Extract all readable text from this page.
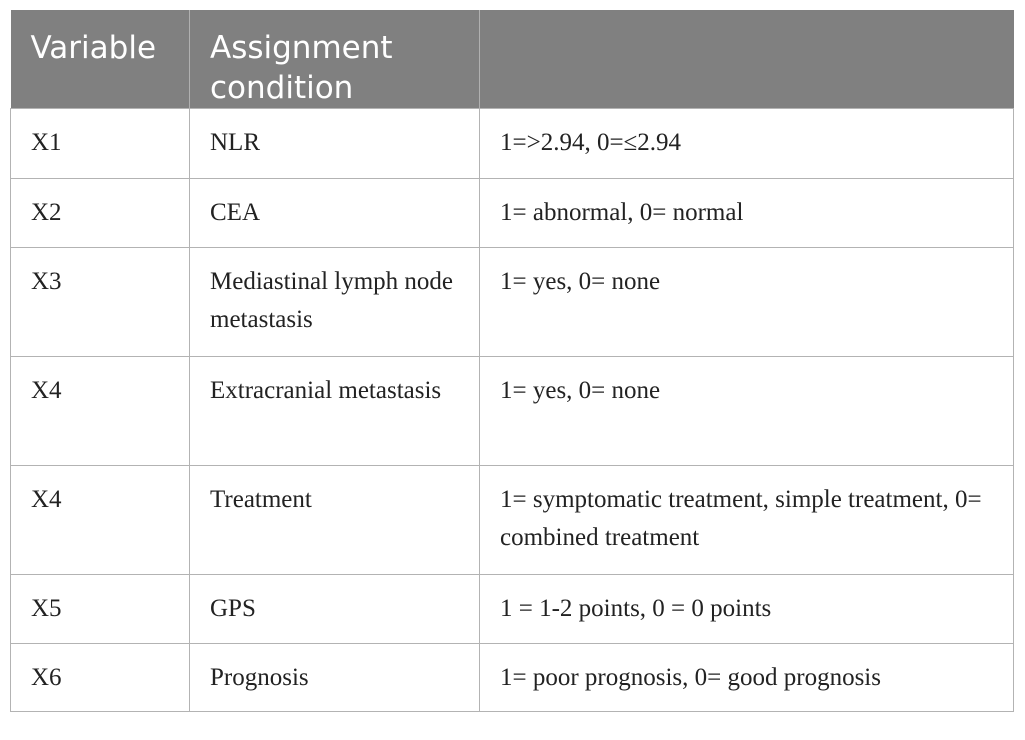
Variable	Assignment condition	
X1	NLR	1=>2.94, 0=≤2.94
X2	CEA	1= abnormal, 0= normal
X3	Mediastinal lymph node metastasis	1= yes, 0= none
X4	Extracranial metastasis	1= yes, 0= none
X4	Treatment	1= symptomatic treatment, simple treatment, 0= combined treatment
X5	GPS	1 = 1-2 points, 0 = 0 points
X6	Prognosis	1= poor prognosis, 0= good prognosis
